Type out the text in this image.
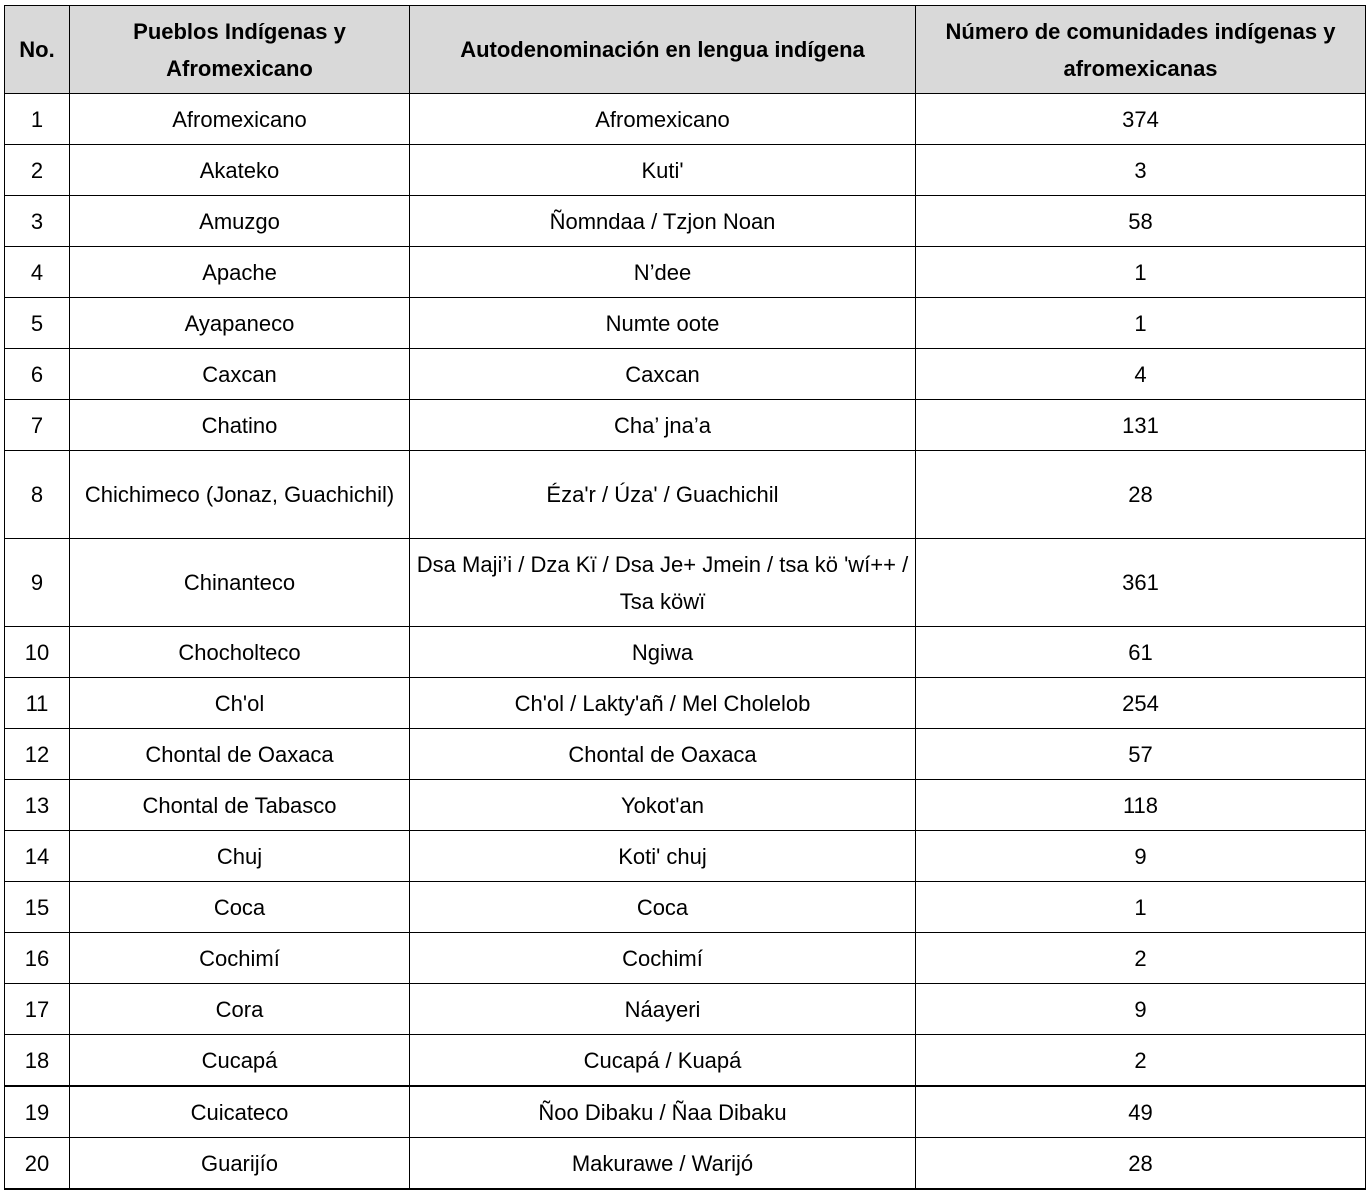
No.	Pueblos Indígenas y Afromexicano	Autodenominación en lengua indígena	Número de comunidades indígenas y afromexicanas
1	Afromexicano	Afromexicano	374
2	Akateko	Kuti'	3
3	Amuzgo	Ñomndaa / Tzjon Noan	58
4	Apache	N’dee	1
5	Ayapaneco	Numte oote	1
6	Caxcan	Caxcan	4
7	Chatino	Cha’ jna’a	131
8	Chichimeco (Jonaz, Guachichil)	Éza'r / Úza' / Guachichil	28
9	Chinanteco	Dsa Maji’i / Dza Kï / Dsa Je+ Jmein / tsa kö 'wí++ / Tsa köwï	361
10	Chocholteco	Ngiwa	61
11	Ch'ol	Ch'ol / Lakty'añ / Mel Cholelob	254
12	Chontal de Oaxaca	Chontal de Oaxaca	57
13	Chontal de Tabasco	Yokot'an	118
14	Chuj	Koti' chuj	9
15	Coca	Coca	1
16	Cochimí	Cochimí	2
17	Cora	Náayeri	9
18	Cucapá	Cucapá / Kuapá	2
19	Cuicateco	Ñoo Dibaku / Ñaa Dibaku	49
20	Guarijío	Makurawe / Warijó	28
